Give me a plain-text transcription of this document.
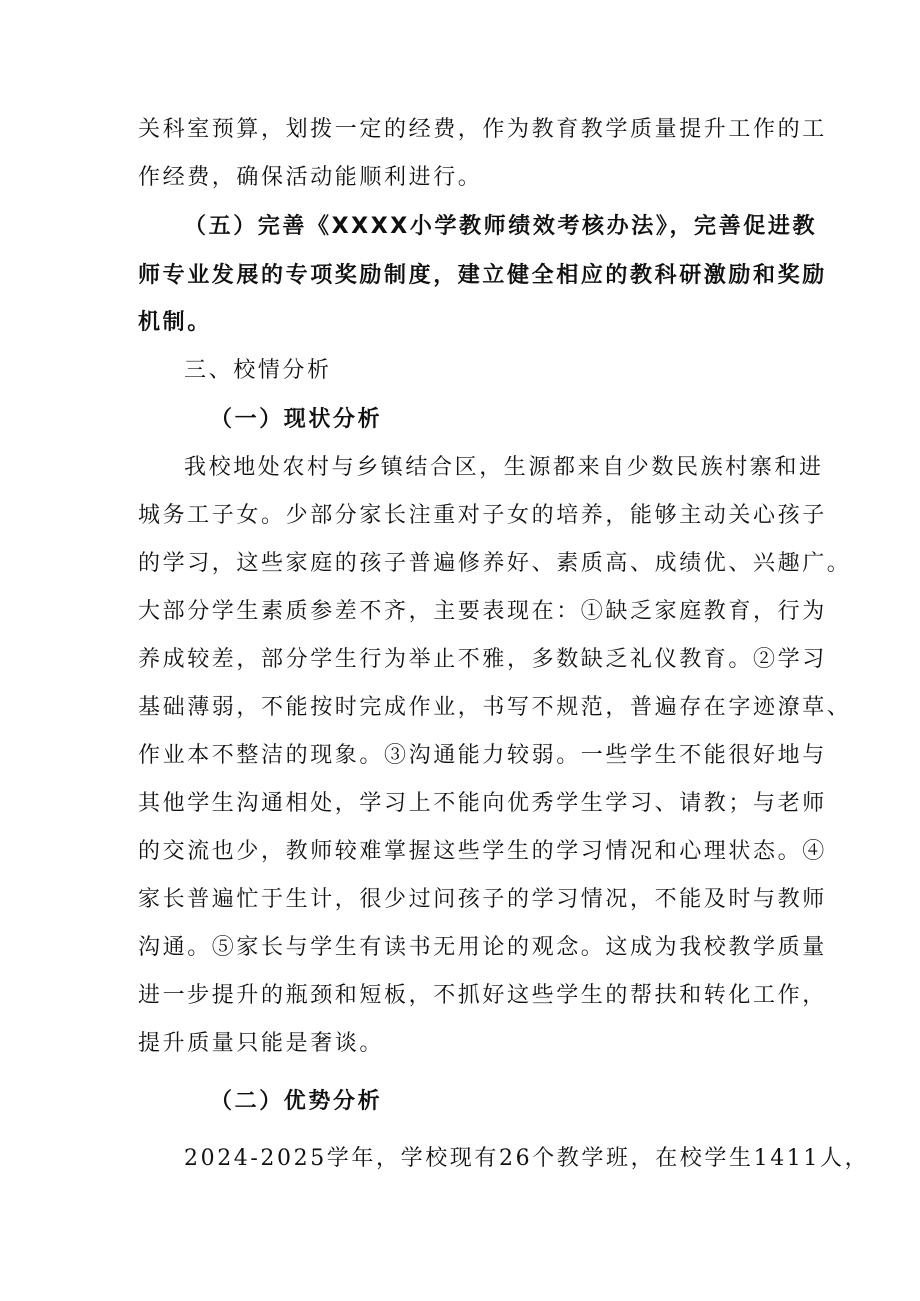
关科室预算，划拨一定的经费，作为教育教学质量提升工作的工
作经费，确保活动能顺利进行。
（五）完善《XXXX小学教师绩效考核办法》，完善促进教
师专业发展的专项奖励制度，建立健全相应的教科研激励和奖励
机制。
三、校情分析
（一）现状分析
我校地处农村与乡镇结合区，生源都来自少数民族村寨和进
城务工子女。少部分家长注重对子女的培养，能够主动关心孩子
的学习，这些家庭的孩子普遍修养好、素质高、成绩优、兴趣广。
大部分学生素质参差不齐，主要表现在：①缺乏家庭教育，行为
养成较差，部分学生行为举止不雅，多数缺乏礼仪教育。②学习
基础薄弱，不能按时完成作业，书写不规范，普遍存在字迹潦草、
作业本不整洁的现象。③沟通能力较弱。一些学生不能很好地与
其他学生沟通相处，学习上不能向优秀学生学习、请教；与老师
的交流也少，教师较难掌握这些学生的学习情况和心理状态。④
家长普遍忙于生计，很少过问孩子的学习情况，不能及时与教师
沟通。⑤家长与学生有读书无用论的观念。这成为我校教学质量
进一步提升的瓶颈和短板，不抓好这些学生的帮扶和转化工作，
提升质量只能是奢谈。
（二）优势分析
2024-2025学年，学校现有26个教学班，在校学生1411人，
